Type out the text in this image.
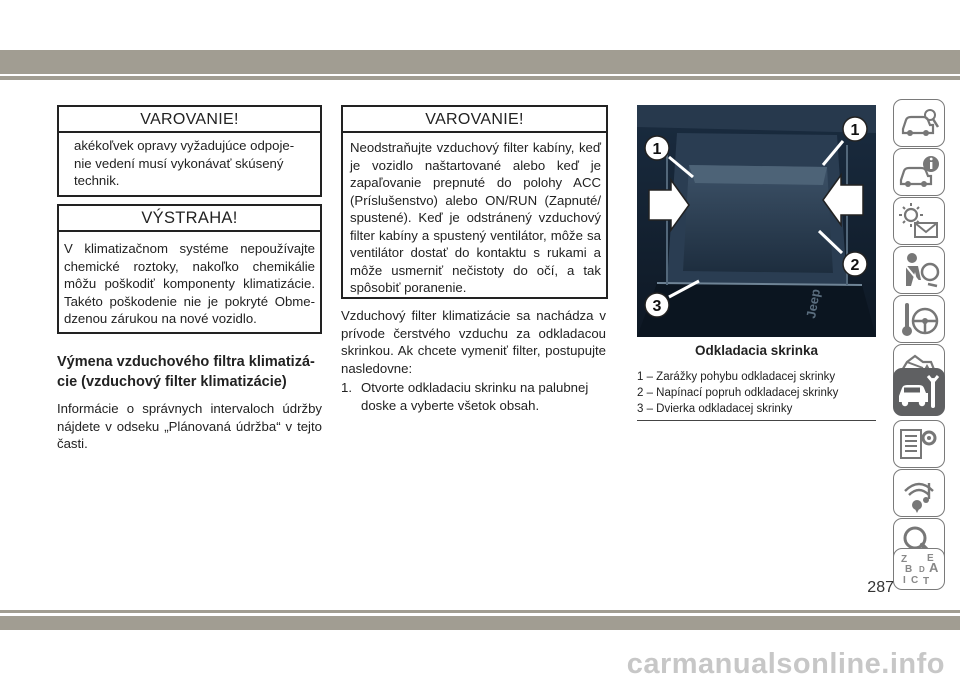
VAROVANIE!
akékoľvek opravy vyžadujúce odpoje-
nie vedení musí vykonávať skúsený
technik.
VÝSTRAHA!
V klimatizačnom systéme nepoužívajte chemické roztoky, nakoľko chemikálie môžu poškodiť komponenty klimatizácie. Takéto poškodenie nie je pokryté Obme-dzenou zárukou na nové vozidlo.
Výmena vzduchového filtra klimatizá-
cie (vzduchový filter klimatizácie)
Informácie o správnych intervaloch údržby nájdete v odseku „Plánovaná údržba“ v tejto časti.
VAROVANIE!
Neodstraňujte vzduchový filter kabíny, keď je vozidlo naštartované alebo keď je zapaľovanie prepnuté do polohy ACC (Príslušenstvo) alebo ON/RUN (Zapnuté/ spustené). Keď je odstránený vzduchový filter kabíny a spustený ventilátor, môže sa ventilátor dostať do kontaktu s rukami a môže usmerniť nečistoty do očí, a tak spôsobiť poranenie.
Vzduchový filter klimatizácie sa nachádza v prívode čerstvého vzduchu za odkladacou skrinkou. Ak chcete vymeniť filter, postupujte nasledovne:
1. Otvorte odkladaciu skrinku na palubnej
doske a vyberte všetok obsah.
Jeep
1
1
2
3
Odkladacia skrinka
1 – Zarážky pohybu odkladacej skrinky
2 – Napínací popruh odkladacej skrinky
3 – Dvierka odkladacej skrinky
Z E
B A
D
I C T
287
carmanualsonline.info
